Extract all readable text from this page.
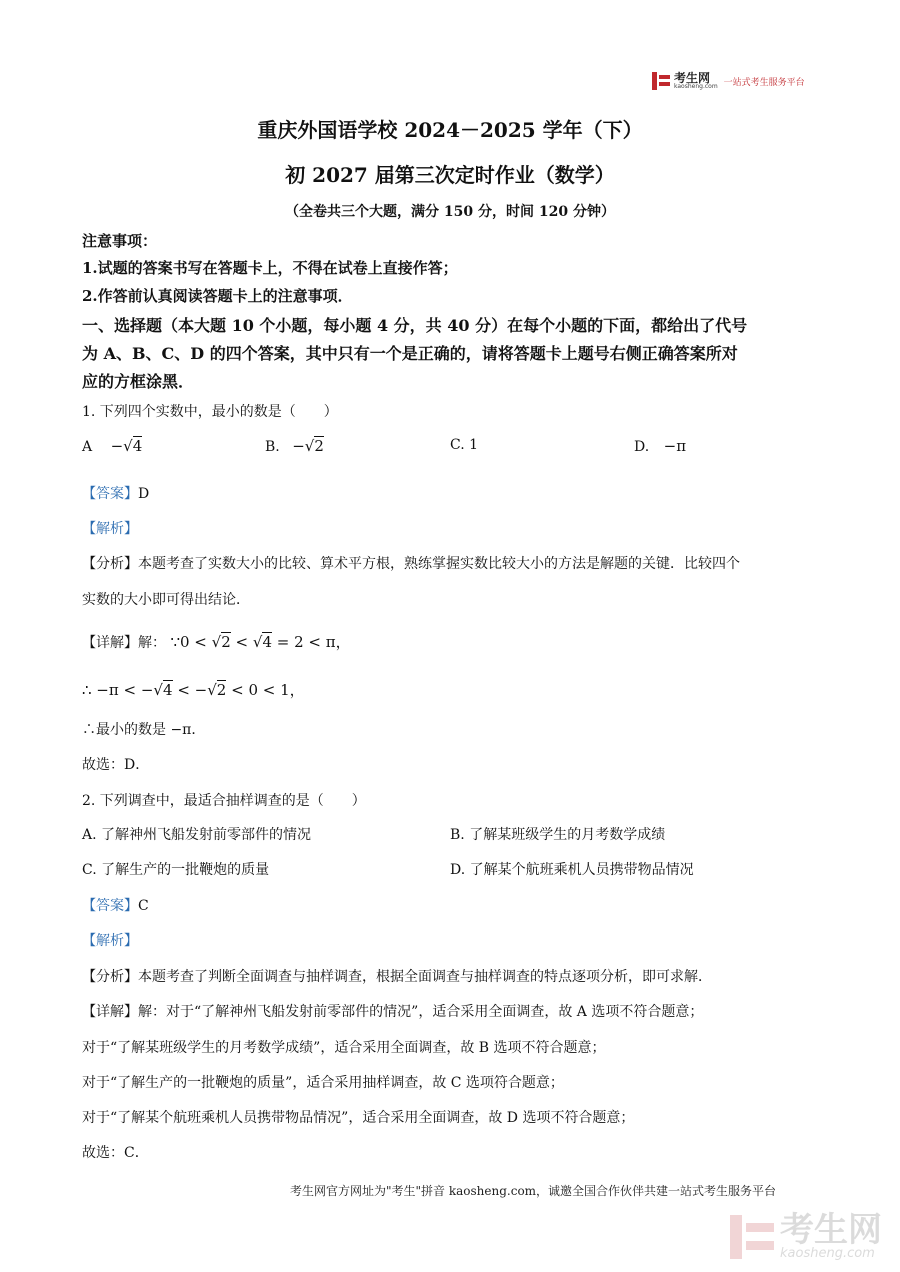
考生网
kaosheng.com 一站式考生服务平台
重庆外国语学校 2024－2025 学年（下）
初 2027 届第三次定时作业（数学）
（全卷共三个大题，满分 150 分，时间 120 分钟）
注意事项：
1.试题的答案书写在答题卡上，不得在试卷上直接作答；
2.作答前认真阅读答题卡上的注意事项．
一、选择题（本大题 10 个小题，每小题 4 分，共 40 分）在每个小题的下面，都给出了代号
为 A、B、C、D 的四个答案，其中只有一个是正确的，请将答题卡上题号右侧正确答案所对
应的方框涂黑．
1. 下列四个实数中，最小的数是（　　）
A −√4	B. −√2	C. 1	D. −π
【答案】D
【解析】
【分析】本题考查了实数大小的比较、算术平方根，熟练掌握实数比较大小的方法是解题的关键．比较四个
实数的大小即可得出结论．
【详解】解： ∵0 < √2 < √4 = 2 < π，
∴ −π < −√4 < −√2 < 0 < 1，
∴最小的数是 −π．
故选：D．
2. 下列调查中，最适合抽样调查的是（　　）
A. 了解神州飞船发射前零部件的情况	B. 了解某班级学生的月考数学成绩
C. 了解生产的一批鞭炮的质量	D. 了解某个航班乘机人员携带物品情况
【答案】C
【解析】
【分析】本题考查了判断全面调查与抽样调查，根据全面调查与抽样调查的特点逐项分析，即可求解．
【详解】解：对于“了解神州飞船发射前零部件的情况”，适合采用全面调查，故 A 选项不符合题意；
对于“了解某班级学生的月考数学成绩”，适合采用全面调查，故 B 选项不符合题意；
对于“了解生产的一批鞭炮的质量”，适合采用抽样调查，故 C 选项符合题意；
对于“了解某个航班乘机人员携带物品情况”，适合采用全面调查，故 D 选项不符合题意；
故选：C．
考生网官方网址为"考生"拼音 kaosheng.com，诚邀全国合作伙伴共建一站式考生服务平台
考生网
kaosheng.com
